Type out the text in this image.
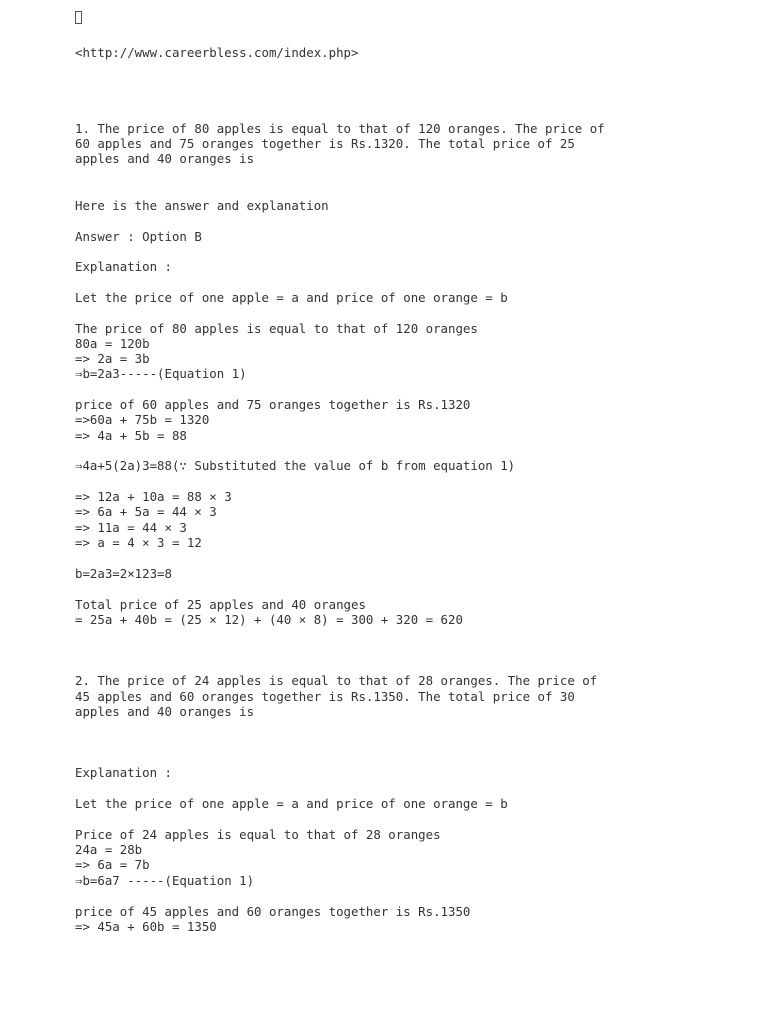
<http://www.careerbless.com/index.php>

1. The price of 80 apples is equal to that of 120 oranges. The price of

60 apples and 75 oranges together is Rs.1320. The total price of 25

apples and 40 oranges is

Here is the answer and explanation

Answer : Option B

Explanation :

Let the price of one apple = a and price of one orange = b

The price of 80 apples is equal to that of 120 oranges

80a = 120b

=> 2a = 3b

⇒b=2a3-----(Equation 1)

price of 60 apples and 75 oranges together is Rs.1320

=>60a + 75b = 1320

=> 4a + 5b = 88

⇒4a+5(2a)3=88(∵ Substituted the value of b from equation 1)

=> 12a + 10a = 88 × 3

=> 6a + 5a = 44 × 3

=> 11a = 44 × 3

=> a = 4 × 3 = 12

b=2a3=2×123=8

Total price of 25 apples and 40 oranges

= 25a + 40b = (25 × 12) + (40 × 8) = 300 + 320 = 620

2. The price of 24 apples is equal to that of 28 oranges. The price of

45 apples and 60 oranges together is Rs.1350. The total price of 30

apples and 40 oranges is

Explanation :

Let the price of one apple = a and price of one orange = b

Price of 24 apples is equal to that of 28 oranges

24a = 28b

=> 6a = 7b

⇒b=6a7 -----(Equation 1)

price of 45 apples and 60 oranges together is Rs.1350

=> 45a + 60b = 1350
